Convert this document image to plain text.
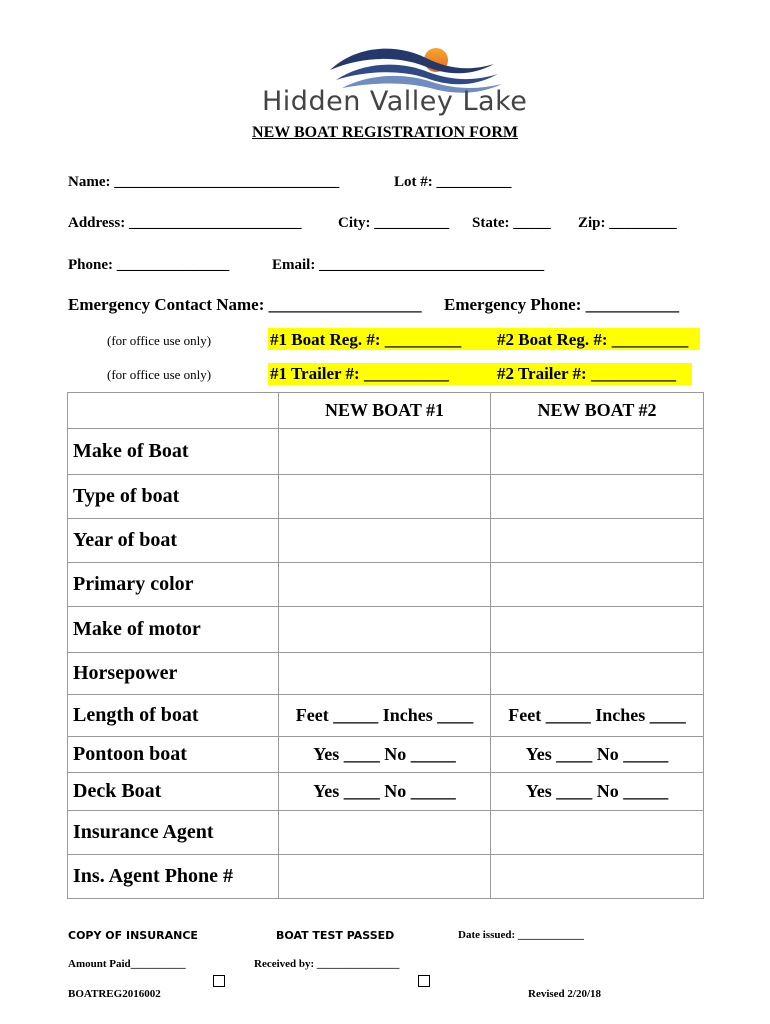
Hidden Valley Lake
NEW BOAT REGISTRATION FORM
Name: ______________________________	Lot #: __________
Address: _______________________ City: __________ State: _____ Zip: _________
Phone: _______________	Email: ______________________________
Emergency Contact Name: __________________ Emergency Phone: ___________
(for office use only)	#1 Boat Reg. #: _________ #2 Boat Reg. #: _________
(for office use only)	#1 Trailer #: __________	#2 Trailer #: __________
	NEW BOAT #1	NEW BOAT #2
Make of Boat		
Type of boat		
Year of boat		
Primary color		
Make of motor		
Horsepower		
Length of boat	Feet _____ Inches ____	Feet _____ Inches ____
Pontoon boat	Yes ____ No _____	Yes ____ No _____
Deck Boat	Yes ____ No _____	Yes ____ No _____
Insurance Agent		
Ins. Agent Phone #		
COPY OF INSURANCE	BOAT TEST PASSED	Date issued: ____________
Amount Paid__________	Received by: _______________
BOATREG2016002	Revised 2/20/18
